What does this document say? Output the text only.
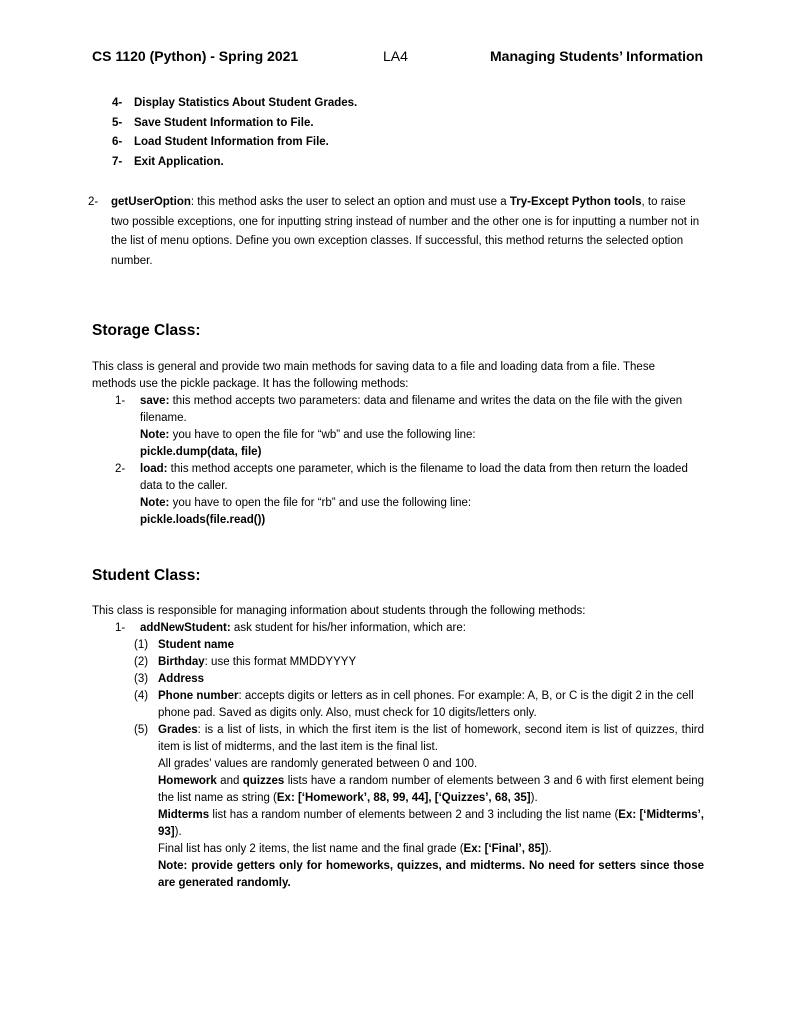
CS 1120 (Python) - Spring 2021	LA4	Managing Students’ Information
4-	Display Statistics About Student Grades.
5-	Save Student Information to File.
6-	Load Student Information from File.
7-	Exit Application.
2- getUserOption: this method asks the user to select an option and must use a Try-Except Python tools, to raise two possible exceptions, one for inputting string instead of number and the other one is for inputting a number not in the list of menu options. Define you own exception classes. If successful, this method returns the selected option number.
Storage Class:
This class is general and provide two main methods for saving data to a file and loading data from a file. These methods use the pickle package. It has the following methods:
1- save: this method accepts two parameters: data and filename and writes the data on the file with the given filename.
Note: you have to open the file for “wb” and use the following line:
pickle.dump(data, file)
2- load: this method accepts one parameter, which is the filename to load the data from then return the loaded data to the caller.
Note: you have to open the file for “rb” and use the following line:
pickle.loads(file.read())
Student Class:
This class is responsible for managing information about students through the following methods:
1- addNewStudent: ask student for his/her information, which are:
(1) Student name
(2) Birthday: use this format MMDDYYYY
(3) Address
(4) Phone number: accepts digits or letters as in cell phones. For example: A, B, or C is the digit 2 in the cell phone pad. Saved as digits only. Also, must check for 10 digits/letters only.
(5) Grades: is a list of lists, in which the first item is the list of homework, second item is list of quizzes, third item is list of midterms, and the last item is the final list.
All grades’ values are randomly generated between 0 and 100.
Homework and quizzes lists have a random number of elements between 3 and 6 with first element being the list name as string (Ex: [‘Homework’, 88, 99, 44], [‘Quizzes’, 68, 35]).
Midterms list has a random number of elements between 2 and 3 including the list name (Ex: [‘Midterms’, 93]).
Final list has only 2 items, the list name and the final grade (Ex: [‘Final’, 85]).
Note: provide getters only for homeworks, quizzes, and midterms. No need for setters since those are generated randomly.
